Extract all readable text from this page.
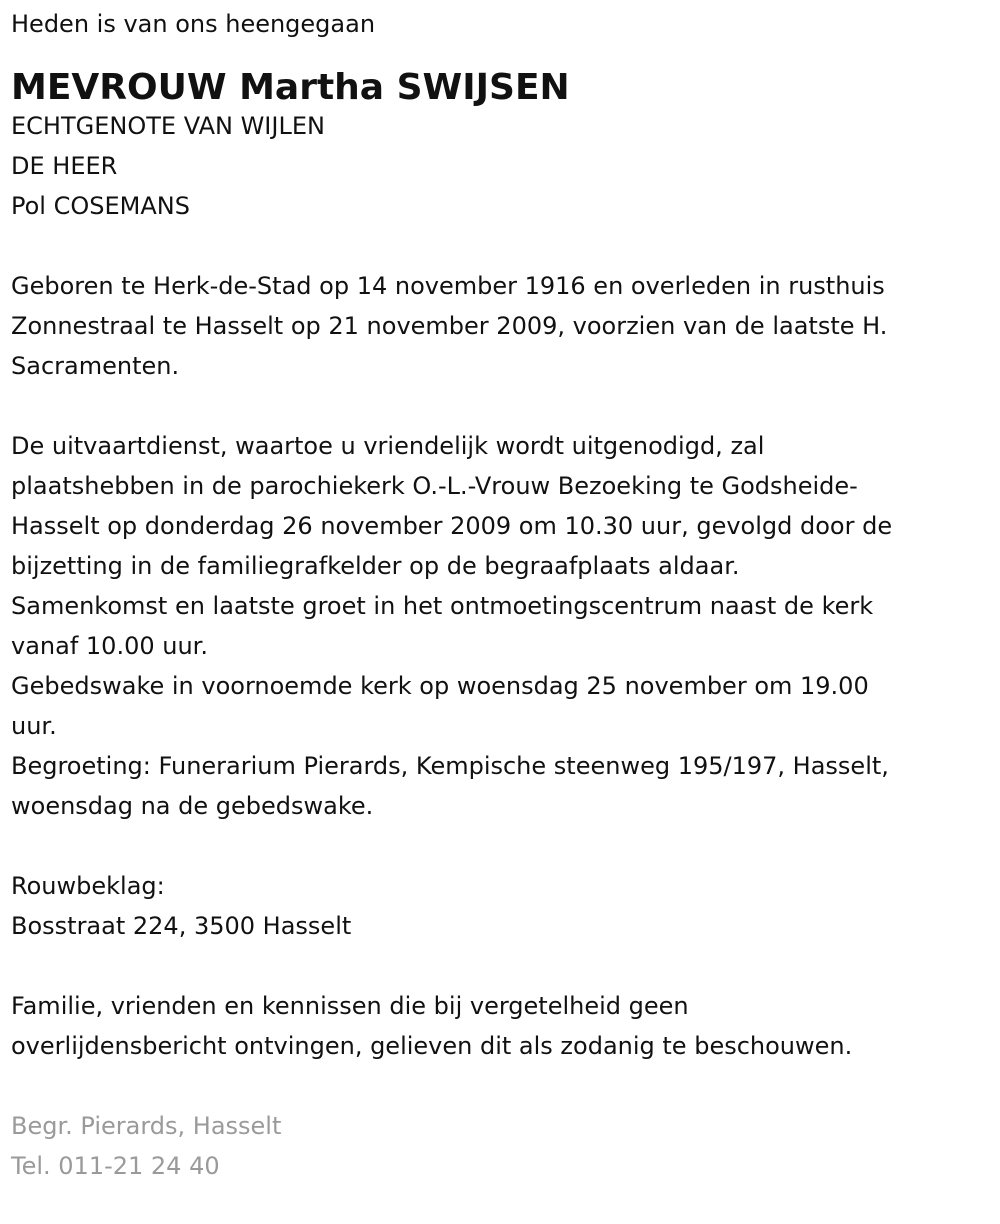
Heden is van ons heengegaan
MEVROUW Martha SWIJSEN
ECHTGENOTE VAN WIJLEN
DE HEER
Pol COSEMANS
Geboren te Herk-de-Stad op 14 november 1916 en overleden in rusthuis
Zonnestraal te Hasselt op 21 november 2009, voorzien van de laatste H.
Sacramenten.
De uitvaartdienst, waartoe u vriendelijk wordt uitgenodigd, zal
plaatshebben in de parochiekerk O.-L.-Vrouw Bezoeking te Godsheide-
Hasselt op donderdag 26 november 2009 om 10.30 uur, gevolgd door de
bijzetting in de familiegrafkelder op de begraafplaats aldaar.
Samenkomst en laatste groet in het ontmoetingscentrum naast de kerk
vanaf 10.00 uur.
Gebedswake in voornoemde kerk op woensdag 25 november om 19.00
uur.
Begroeting: Funerarium Pierards, Kempische steenweg 195/197, Hasselt,
woensdag na de gebedswake.
Rouwbeklag:
Bosstraat 224, 3500 Hasselt
Familie, vrienden en kennissen die bij vergetelheid geen
overlijdensbericht ontvingen, gelieven dit als zodanig te beschouwen.
Begr. Pierards, Hasselt
Tel. 011-21 24 40
